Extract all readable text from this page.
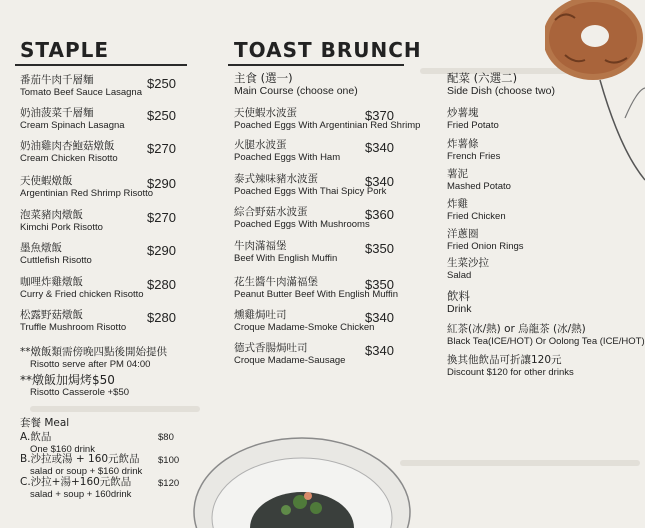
STAPLE
番茄牛肉千層麵
Tomato Beef Sauce Lasagna
$250
奶油菠菜千層麵
Cream Spinach Lasagna
$250
奶油雞肉杏鮑菇燉飯
Cream Chicken Risotto
$270
天使蝦燉飯
Argentinian Red Shrimp Risotto
$290
泡菜豬肉燉飯
Kimchi Pork Risotto
$270
墨魚燉飯
Cuttlefish Risotto
$290
咖哩炸雞燉飯
Curry & Fried chicken Risotto
$280
松露野菇燉飯
Truffle Mushroom Risotto
$280
**燉飯類需傍晚四點後開始提供
Risotto serve after PM 04:00
**燉飯加焗烤$50
Risotto Casserole +$50
套餐 Meal
A.飲品
One $160 drink
$80
B.沙拉或湯 + 160元飲品
salad or soup + $160 drink
$100
C.沙拉+湯+160元飲品
salad + soup + 160drink
$120
TOAST BRUNCH
主食 (選一)
Main Course (choose one)
天使蝦水波蛋
Poached Eggs With Argentinian Red Shrimp
$370
火腿水波蛋
Poached Eggs With Ham
$340
泰式辣味豬水波蛋
Poached Eggs With Thai Spicy Pork
$340
綜合野菇水波蛋
Poached Eggs With Mushrooms
$360
牛肉滿福堡
Beef With English Muffin
$350
花生醬牛肉滿福堡
Peanut Butter Beef With English Muffin
$350
燻雞焗吐司
Croque Madame-Smoke Chicken
$340
德式香腸焗吐司
Croque Madame-Sausage
$340
配菜 (六選二)
Side Dish (choose two)
炒薯塊
Fried Potato
炸薯條
French Fries
薯泥
Mashed Potato
炸雞
Fried Chicken
洋蔥圈
Fried Onion Rings
生菜沙拉
Salad
飲料
Drink
紅茶(冰/熱) or 烏龍茶 (冰/熱)
Black Tea(ICE/HOT) Or Oolong Tea (ICE/HOT)
換其他飲品可折讓120元
Discount $120 for other drinks
